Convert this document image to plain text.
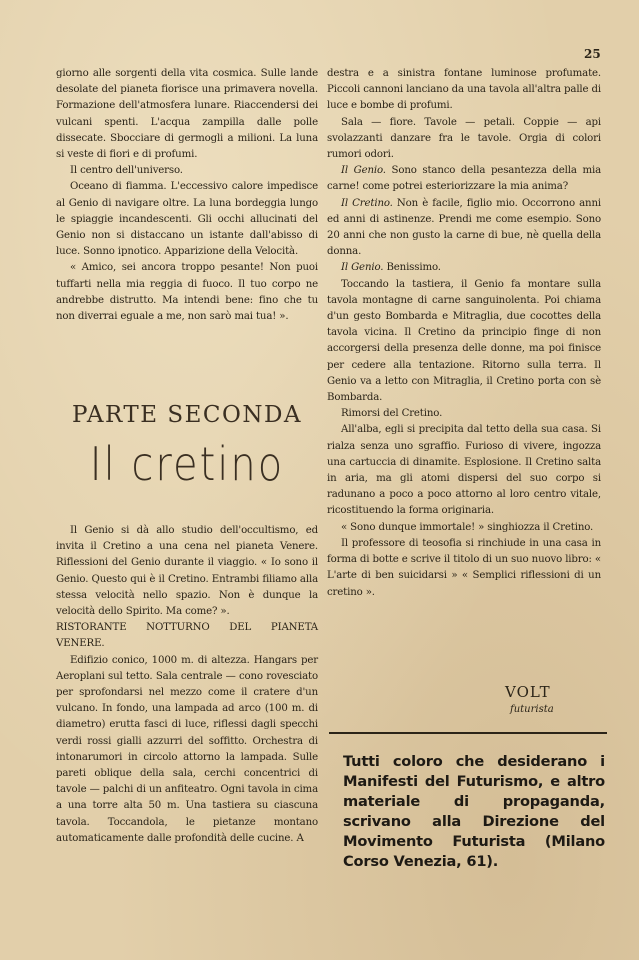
25

giorno alle sorgenti della vita cosmica. Sulle lande desolate del pianeta fiorisce una primavera novella. Formazione dell'atmosfera lunare. Riaccendersi dei vulcani spenti. L'acqua zampilla dalle polle dissecate. Sbocciare di germogli a milioni. La luna si veste di fiori e di profumi.

Il centro dell'universo.

Oceano di fiamma. L'eccessivo calore impedisce al Genio di navigare oltre. La luna bordeggia lungo le spiaggie incandescenti. Gli occhi allucinati del Genio non si distaccano un istante dall'abisso di luce. Sonno ipnotico. Apparizione della Velocità.

« Amico, sei ancora troppo pesante! Non puoi tuffarti nella mia reggia di fuoco. Il tuo corpo ne andrebbe distrutto. Ma intendi bene: fino che tu non diverrai eguale a me, non sarò mai tua! ».

PARTE SECONDA
Il cretino

Il Genio si dà allo studio dell'occultismo, ed invita il Cretino a una cena nel pianeta Venere. Riflessioni del Genio durante il viaggio. « Io sono il Genio. Questo qui è il Cretino. Entrambi filiamo alla stessa velocità nello spazio. Non è dunque la velocità dello Spirito. Ma come? ».

RISTORANTE NOTTURNO DEL PIANETA VENERE.

Edifizio conico, 1000 m. di altezza. Hangars per Aeroplani sul tetto. Sala centrale — cono rovesciato per sprofondarsi nel mezzo come il cratere d'un vulcano. In fondo, una lampada ad arco (100 m. di diametro) erutta fasci di luce, riflessi dagli specchi verdi rossi gialli azzurri del soffitto. Orchestra di intonarumori in circolo attorno la lampada. Sulle pareti oblique della sala, cerchi concentrici di tavole — palchi di un anfiteatro. Ogni tavola in cima a una torre alta 50 m. Una tastiera su ciascuna tavola. Toccandola, le pietanze montano automaticamente dalle profondità delle cucine. A

destra e a sinistra fontane luminose profumate. Piccoli cannoni lanciano da una tavola all'altra palle di luce e bombe di profumi.

Sala — fiore. Tavole — petali. Coppie — api svolazzanti danzare fra le tavole. Orgia di colori rumori odori.

Il Genio. Sono stanco della pesantezza della mia carne! come potrei esteriorizzare la mia anima?

Il Cretino. Non è facile, figlio mio. Occorrono anni ed anni di astinenze. Prendi me come esempio. Sono 20 anni che non gusto la carne di bue, nè quella della donna.

Il Genio. Benissimo.

Toccando la tastiera, il Genio fa montare sulla tavola montagne di carne sanguinolenta. Poi chiama d'un gesto Bombarda e Mitraglia, due cocottes della tavola vicina. Il Cretino da principio finge di non accorgersi della presenza delle donne, ma poi finisce per cedere alla tentazione. Ritorno sulla terra. Il Genio va a letto con Mitraglia, il Cretino porta con sè Bombarda.

Rimorsi del Cretino.

All'alba, egli si precipita dal tetto della sua casa. Si rialza senza uno sgraffio. Furioso di vivere, ingozza una cartuccia di dinamite. Esplosione. Il Cretino salta in aria, ma gli atomi dispersi del suo corpo si radunano a poco a poco attorno al loro centro vitale, ricostituendo la forma originaria.

« Sono dunque immortale! » singhiozza il Cretino.

Il professore di teosofia si rinchiude in una casa in forma di botte e scrive il titolo di un suo nuovo libro: « L'arte di ben suicidarsi » « Semplici riflessioni di un cretino ».

VOLT
futurista
Tutti coloro che desiderano i Manifesti del Futurismo, e altro materiale di propaganda, scrivano alla Direzione del Movimento Futurista (Milano Corso Venezia, 61).
